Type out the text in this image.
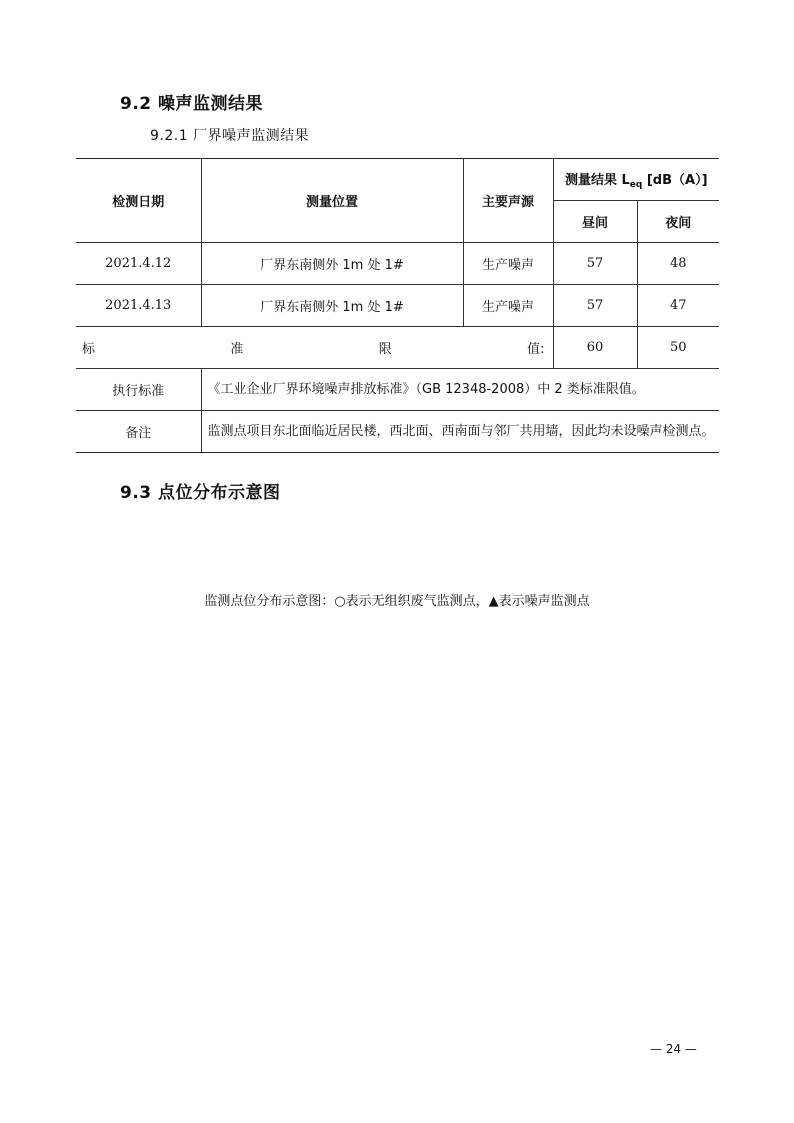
9.2 噪声监测结果
9.2.1 厂界噪声监测结果
检测日期	测量位置	主要声源	测量结果 $L_{eq}$ [dB（A）]	
			昼间	夜间
2021.4.12	厂界东南侧外 1m 处 1#	生产噪声	57	48
2021.4.13	厂界东南侧外 1m 处 1#	生产噪声	57	47

标 准 限 值:			60	50
执行标准	《工业企业厂界环境噪声排放标准》（GB 12348-2008）中 2 类标准限值。			
备注	监测点项目东北面临近居民楼，西北面、西南面与邻厂共用墙，因此均未设噪声检测点。			
9.3 点位分布示意图
监测点位分布示意图：○表示无组织废气监测点，▲表示噪声监测点
— 24 —
